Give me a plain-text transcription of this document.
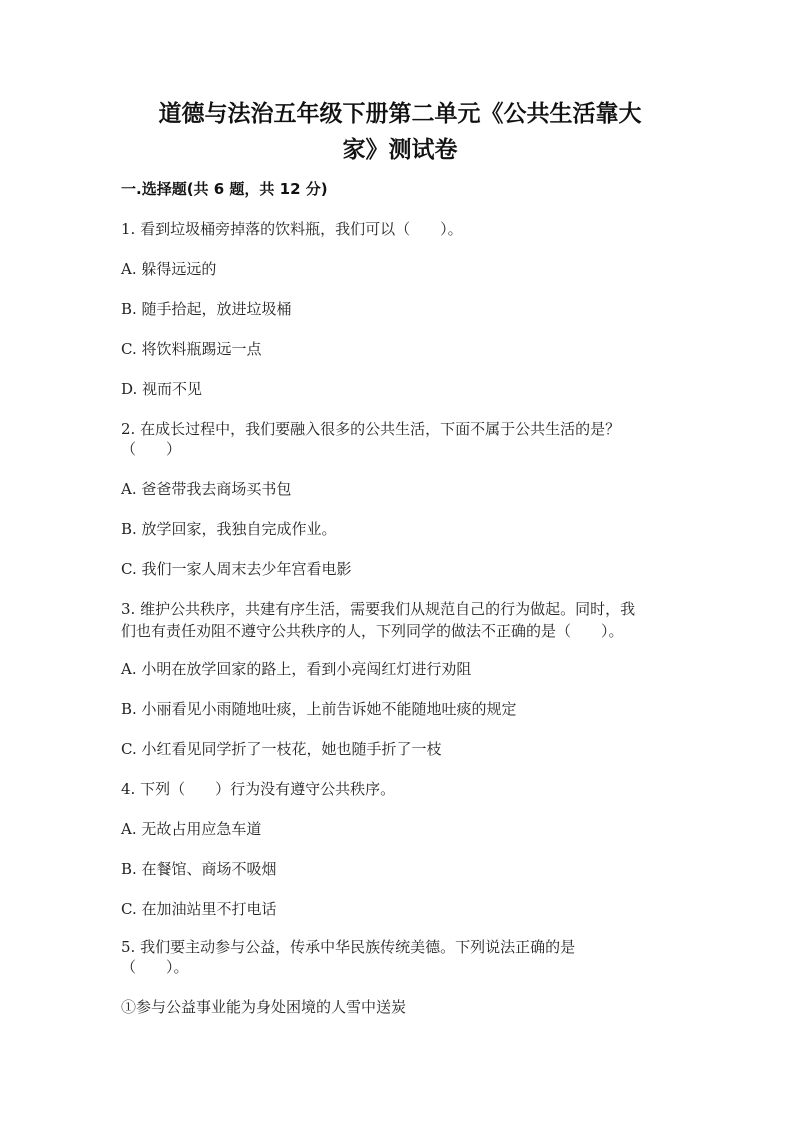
道德与法治五年级下册第二单元《公共生活靠大
家》测试卷
一.选择题(共 6 题，共 12 分)
1. 看到垃圾桶旁掉落的饮料瓶，我们可以（　　）。
A. 躲得远远的
B. 随手拾起，放进垃圾桶
C. 将饮料瓶踢远一点
D. 视而不见
2. 在成长过程中，我们要融入很多的公共生活，下面不属于公共生活的是？
（　　）
A. 爸爸带我去商场买书包
B. 放学回家，我独自完成作业。
C. 我们一家人周末去少年宫看电影
3. 维护公共秩序，共建有序生活，需要我们从规范自己的行为做起。同时，我
们也有责任劝阻不遵守公共秩序的人，下列同学的做法不正确的是（　　）。
A. 小明在放学回家的路上，看到小亮闯红灯进行劝阻
B. 小丽看见小雨随地吐痰，上前告诉她不能随地吐痰的规定
C. 小红看见同学折了一枝花，她也随手折了一枝
4. 下列（　　）行为没有遵守公共秩序。
A. 无故占用应急车道
B. 在餐馆、商场不吸烟
C. 在加油站里不打电话
5. 我们要主动参与公益，传承中华民族传统美德。下列说法正确的是
（　　）。
①参与公益事业能为身处困境的人雪中送炭
